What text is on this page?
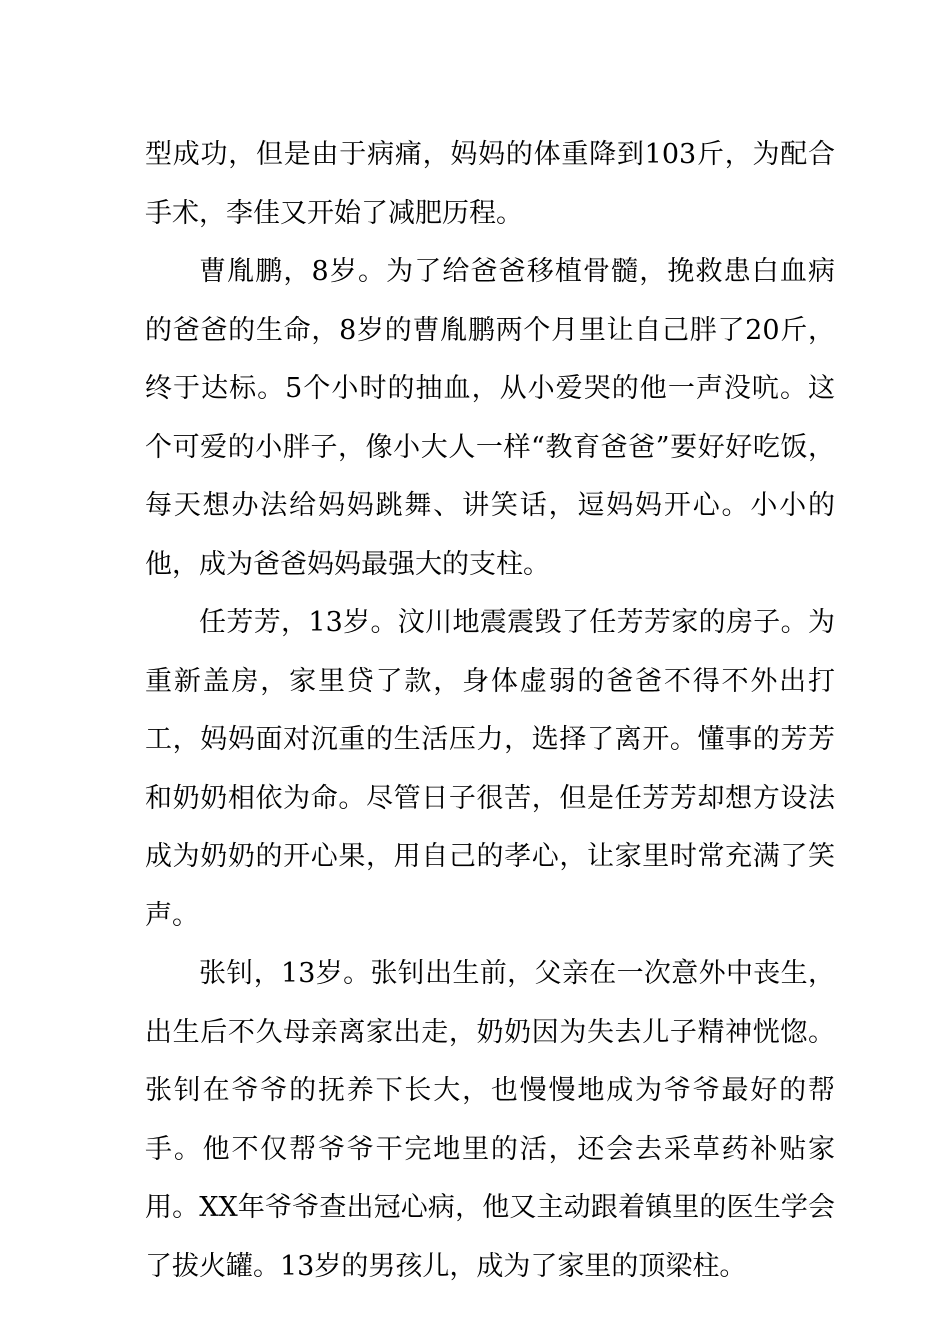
型成功，但是由于病痛，妈妈的体重降到103斤，为配合手术，李佳又开始了减肥历程。

曹胤鹏，8岁。为了给爸爸移植骨髓，挽救患白血病的爸爸的生命，8岁的曹胤鹏两个月里让自己胖了20斤，终于达标。5个小时的抽血，从小爱哭的他一声没吭。这个可爱的小胖子，像小大人一样“教育爸爸”要好好吃饭，每天想办法给妈妈跳舞、讲笑话，逗妈妈开心。小小的他，成为爸爸妈妈最强大的支柱。

任芳芳，13岁。汶川地震震毁了任芳芳家的房子。为重新盖房，家里贷了款，身体虚弱的爸爸不得不外出打工，妈妈面对沉重的生活压力，选择了离开。懂事的芳芳和奶奶相依为命。尽管日子很苦，但是任芳芳却想方设法成为奶奶的开心果，用自己的孝心，让家里时常充满了笑声。

张钊，13岁。张钊出生前，父亲在一次意外中丧生，出生后不久母亲离家出走，奶奶因为失去儿子精神恍惚。张钊在爷爷的抚养下长大，也慢慢地成为爷爷最好的帮手。他不仅帮爷爷干完地里的活，还会去采草药补贴家用。XX年爷爷查出冠心病，他又主动跟着镇里的医生学会了拔火罐。13岁的男孩儿，成为了家里的顶梁柱。
